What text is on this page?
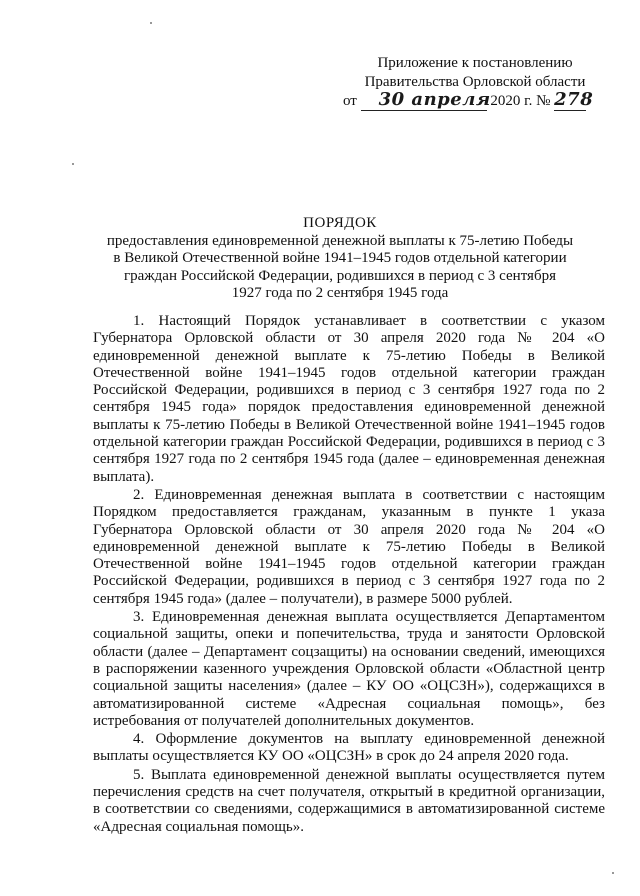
Приложение к постановлению
Правительства Орловской области
от 30 апреля 2020 г. № 278
ПОРЯДОК
предоставления единовременной денежной выплаты к 75-летию Победы
в Великой Отечественной войне 1941–1945 годов отдельной категории
граждан Российской Федерации, родившихся в период с 3 сентября
1927 года по 2 сентября 1945 года

1. Настоящий Порядок устанавливает в соответствии с указом Губернатора Орловской области от 30 апреля 2020 года № 204 «О единовременной денежной выплате к 75-летию Победы в Великой Отечественной войне 1941–1945 годов отдельной категории граждан Российской Федерации, родившихся в период с 3 сентября 1927 года по 2 сентября 1945 года» порядок предоставления единовременной денежной выплаты к 75-летию Победы в Великой Отечественной войне 1941–1945 годов отдельной категории граждан Российской Федерации, родившихся в период с 3 сентября 1927 года по 2 сентября 1945 года (далее – единовременная денежная выплата).

2. Единовременная денежная выплата в соответствии с настоящим Порядком предоставляется гражданам, указанным в пункте 1 указа Губернатора Орловской области от 30 апреля 2020 года № 204 «О единовременной денежной выплате к 75-летию Победы в Великой Отечественной войне 1941–1945 годов отдельной категории граждан Российской Федерации, родившихся в период с 3 сентября 1927 года по 2 сентября 1945 года» (далее – получатели), в размере 5000 рублей.

3. Единовременная денежная выплата осуществляется Департаментом социальной защиты, опеки и попечительства, труда и занятости Орловской области (далее – Департамент соцзащиты) на основании сведений, имеющихся в распоряжении казенного учреждения Орловской области «Областной центр социальной защиты населения» (далее – КУ ОО «ОЦСЗН»), содержащихся в автоматизированной системе «Адресная социальная помощь», без истребования от получателей дополнительных документов.

4. Оформление документов на выплату единовременной денежной выплаты осуществляется КУ ОО «ОЦСЗН» в срок до 24 апреля 2020 года.

5. Выплата единовременной денежной выплаты осуществляется путем перечисления средств на счет получателя, открытый в кредитной организации, в соответствии со сведениями, содержащимися в автоматизированной системе «Адресная социальная помощь».
